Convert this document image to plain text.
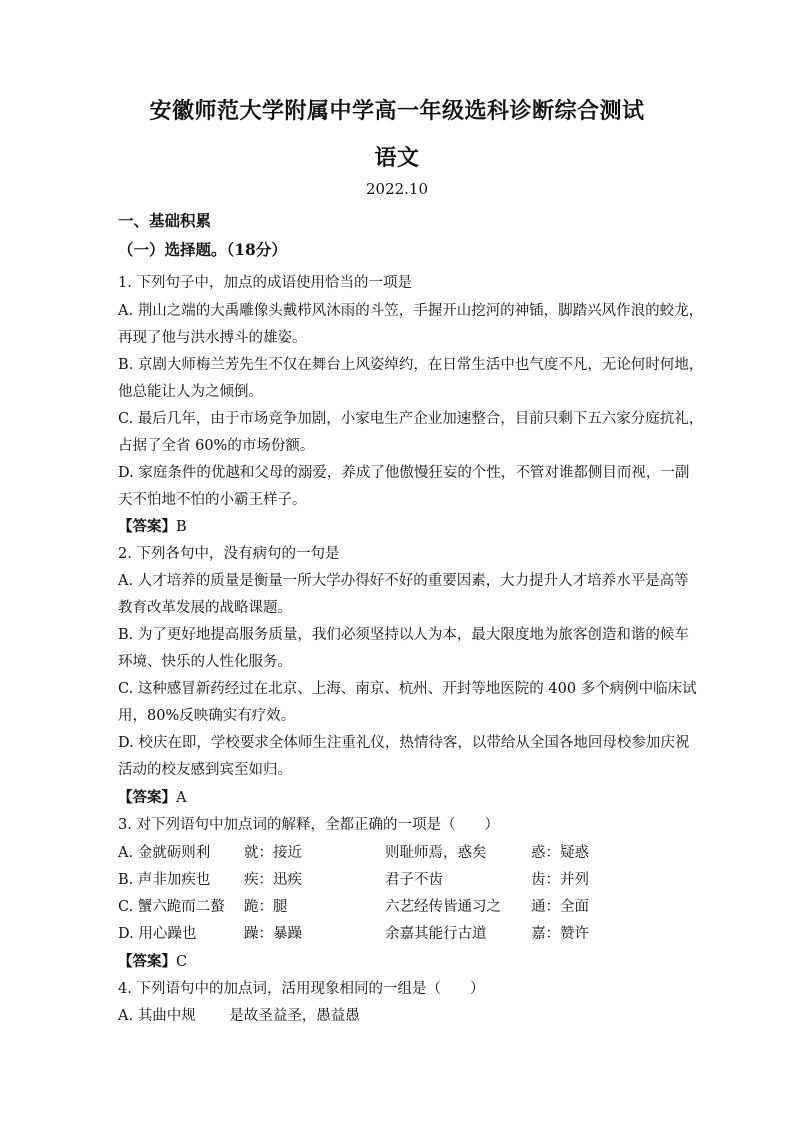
安徽师范大学附属中学高一年级选科诊断综合测试
语文
2022.10
一、基础积累
（一）选择题。（18分）
1. 下列句子中，加点的成语使用恰当的一项是
A. 荆山之端的大禹雕像头戴栉风沐雨的斗笠，手握开山挖河的神锸，脚踏兴风作浪的蛟龙，
再现了他与洪水搏斗的雄姿。
B. 京剧大师梅兰芳先生不仅在舞台上风姿绰约，在日常生活中也气度不凡，无论何时何地，
他总能让人为之倾倒。
C. 最后几年，由于市场竞争加剧，小家电生产企业加速整合，目前只剩下五六家分庭抗礼，
占据了全省 60%的市场份额。
D. 家庭条件的优越和父母的溺爱，养成了他傲慢狂妄的个性，不管对谁都侧目而视，一副
天不怕地不怕的小霸王样子。
【答案】B
2. 下列各句中，没有病句的一句是
A. 人才培养的质量是衡量一所大学办得好不好的重要因素，大力提升人才培养水平是高等
教育改革发展的战略课题。
B. 为了更好地提高服务质量，我们必须坚持以人为本，最大限度地为旅客创造和谐的候车
环境、快乐的人性化服务。
C. 这种感冒新药经过在北京、上海、南京、杭州、开封等地医院的 400 多个病例中临床试
用，80%反映确实有疗效。
D. 校庆在即，学校要求全体师生注重礼仪，热情待客，以带给从全国各地回母校参加庆祝
活动的校友感到宾至如归。
【答案】A
3. 对下列语句中加点词的解释，全都正确的一项是（　　）
A. 金就砺则利 就：接近	则耻师焉，惑矣	惑：疑惑
B. 声非加疾也 疾：迅疾	君子不齿	齿：并列
C. 蟹六跪而二螯 跪：腿	六艺经传皆通习之 通：全面
D. 用心躁也	躁：暴躁	余嘉其能行古道	嘉：赞许
【答案】C
4. 下列语句中的加点词，活用现象相同的一组是（　　）
A. 其曲中规　　 是故圣益圣，愚益愚
